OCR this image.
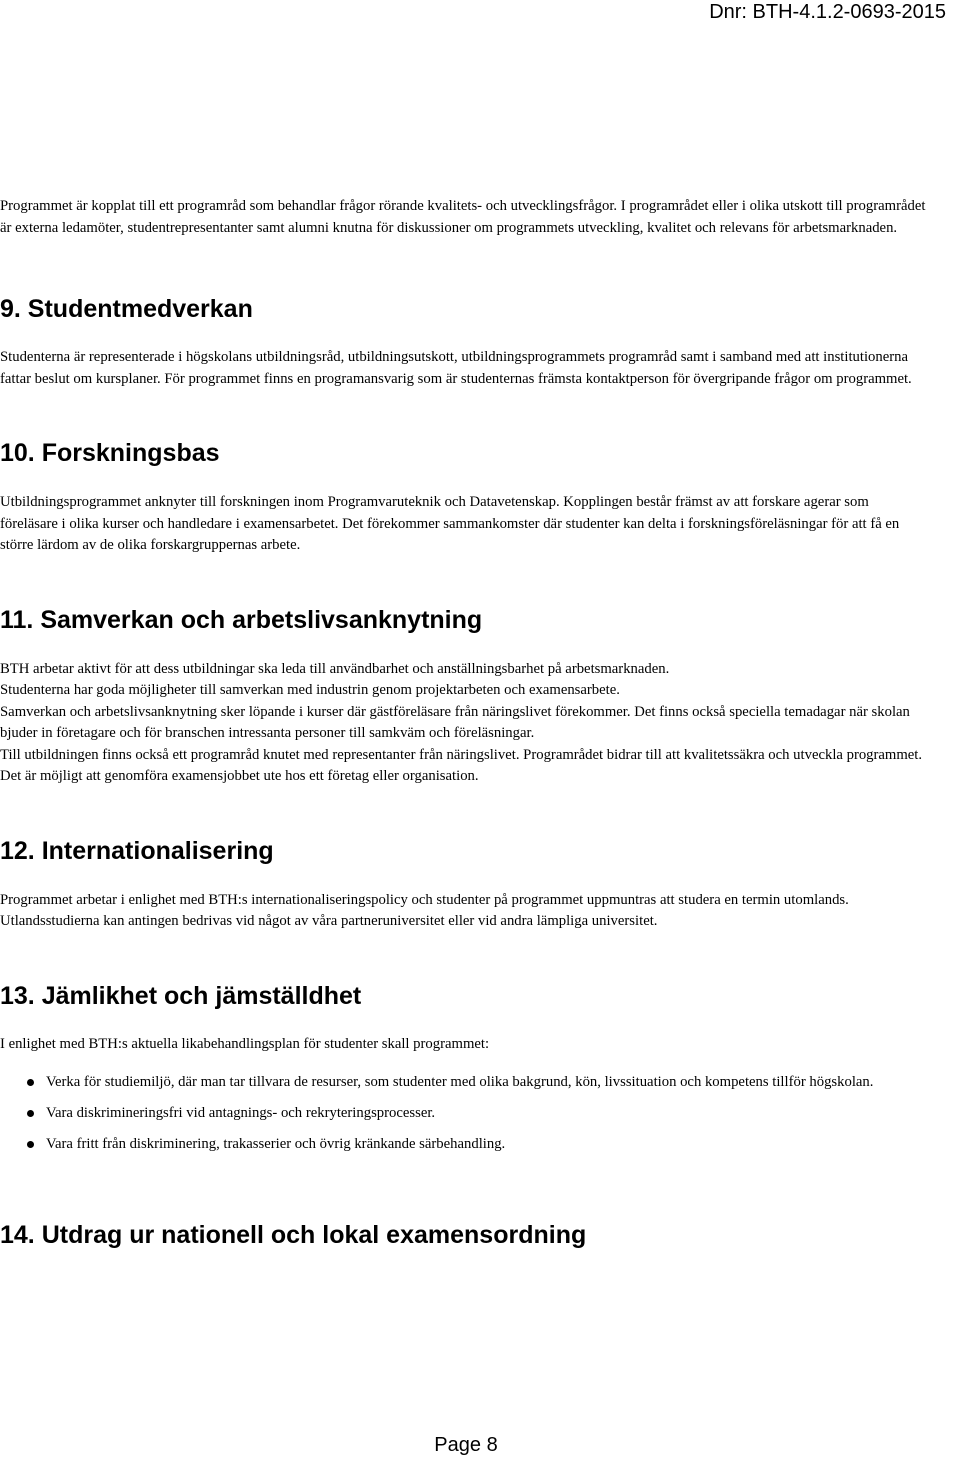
Dnr: BTH-4.1.2-0693-2015

Programmet är kopplat till ett programråd som behandlar frågor rörande kvalitets- och utvecklingsfrågor. I programrådet eller i olika utskott till programrådet är externa ledamöter, studentrepresentanter samt alumni knutna för diskussioner om programmets utveckling, kvalitet och relevans för arbetsmarknaden.

9. Studentmedverkan

Studenterna är representerade i högskolans utbildningsråd, utbildningsutskott, utbildningsprogrammets programråd samt i samband med att institutionerna fattar beslut om kursplaner. För programmet finns en programansvarig som är studenternas främsta kontaktperson för övergripande frågor om programmet.

10. Forskningsbas

Utbildningsprogrammet anknyter till forskningen inom Programvaruteknik och Datavetenskap. Kopplingen består främst av att forskare agerar som föreläsare i olika kurser och handledare i examensarbetet. Det förekommer sammankomster där studenter kan delta i forskningsföreläsningar för att få en större lärdom av de olika forskargruppernas arbete.

11. Samverkan och arbetslivsanknytning

BTH arbetar aktivt för att dess utbildningar ska leda till användbarhet och anställningsbarhet på arbetsmarknaden.

Studenterna har goda möjligheter till samverkan med industrin genom projektarbeten och examensarbete.

Samverkan och arbetslivsanknytning sker löpande i kurser där gästföreläsare från näringslivet förekommer. Det finns också speciella temadagar när skolan bjuder in företagare och för branschen intressanta personer till samkväm och föreläsningar.

Till utbildningen finns också ett programråd knutet med representanter från näringslivet. Programrådet bidrar till att kvalitetssäkra och utveckla programmet.

Det är möjligt att genomföra examensjobbet ute hos ett företag eller organisation.

12. Internationalisering

Programmet arbetar i enlighet med BTH:s internationaliseringspolicy och studenter på programmet uppmuntras att studera en termin utomlands. Utlandsstudierna kan antingen bedrivas vid något av våra partneruniversitet eller vid andra lämpliga universitet.

13. Jämlikhet och jämställdhet

I enlighet med BTH:s aktuella likabehandlingsplan för studenter skall programmet:

Verka för studiemiljö, där man tar tillvara de resurser, som studenter med olika bakgrund, kön, livssituation och kompetens tillför högskolan.
Vara diskrimineringsfri vid antagnings- och rekryteringsprocesser.
Vara fritt från diskriminering, trakasserier och övrig kränkande särbehandling.
14. Utdrag ur nationell och lokal examensordning
Page 8
